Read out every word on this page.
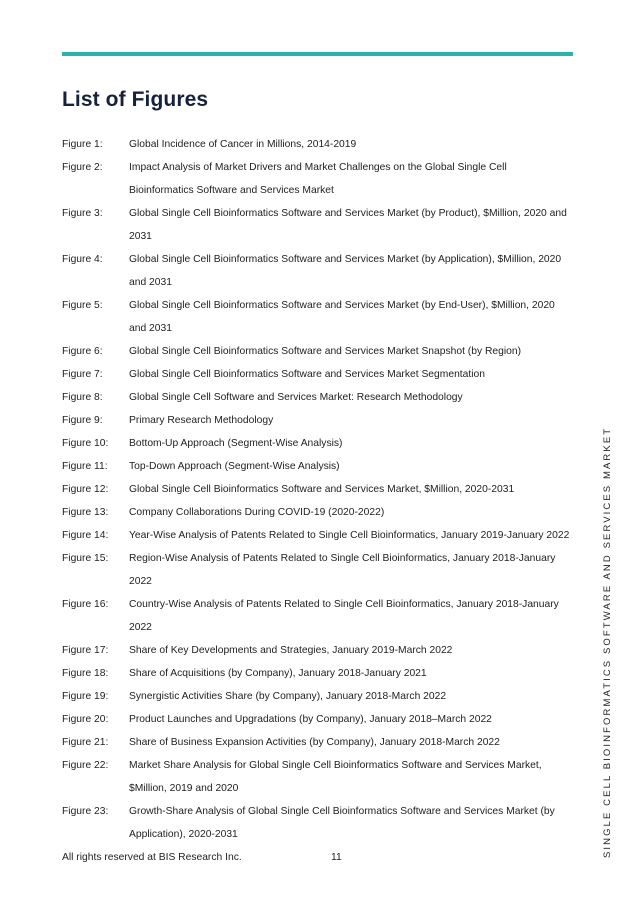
List of Figures
Figure 1:	Global Incidence of Cancer in Millions, 2014-2019
Figure 2:	Impact Analysis of Market Drivers and Market Challenges on the Global Single Cell Bioinformatics Software and Services Market
Figure 3:	Global Single Cell Bioinformatics Software and Services Market (by Product), $Million, 2020 and 2031
Figure 4:	Global Single Cell Bioinformatics Software and Services Market (by Application), $Million, 2020 and 2031
Figure 5:	Global Single Cell Bioinformatics Software and Services Market (by End-User), $Million, 2020 and 2031
Figure 6:	Global Single Cell Bioinformatics Software and Services Market Snapshot (by Region)
Figure 7:	Global Single Cell Bioinformatics Software and Services Market Segmentation
Figure 8:	Global Single Cell Software and Services Market: Research Methodology
Figure 9:	Primary Research Methodology
Figure 10:	Bottom-Up Approach (Segment-Wise Analysis)
Figure 11:	Top-Down Approach (Segment-Wise Analysis)
Figure 12:	Global Single Cell Bioinformatics Software and Services Market, $Million, 2020-2031
Figure 13:	Company Collaborations During COVID-19 (2020-2022)
Figure 14:	Year-Wise Analysis of Patents Related to Single Cell Bioinformatics, January 2019-January 2022
Figure 15:	Region-Wise Analysis of Patents Related to Single Cell Bioinformatics, January 2018-January 2022
Figure 16:	Country-Wise Analysis of Patents Related to Single Cell Bioinformatics, January 2018-January 2022
Figure 17:	Share of Key Developments and Strategies, January 2019-March 2022
Figure 18:	Share of Acquisitions (by Company), January 2018-January 2021
Figure 19:	Synergistic Activities Share (by Company), January 2018-March 2022
Figure 20:	Product Launches and Upgradations (by Company), January 2018–March 2022
Figure 21:	Share of Business Expansion Activities (by Company), January 2018-March 2022
Figure 22:	Market Share Analysis for Global Single Cell Bioinformatics Software and Services Market, $Million, 2019 and 2020
Figure 23:	Growth-Share Analysis of Global Single Cell Bioinformatics Software and Services Market (by Application), 2020-2031	SINGLE CELL BIOINFORMATICS SOFTWARE AND SERVICES MARKET
All rights reserved at BIS Research Inc.	11
